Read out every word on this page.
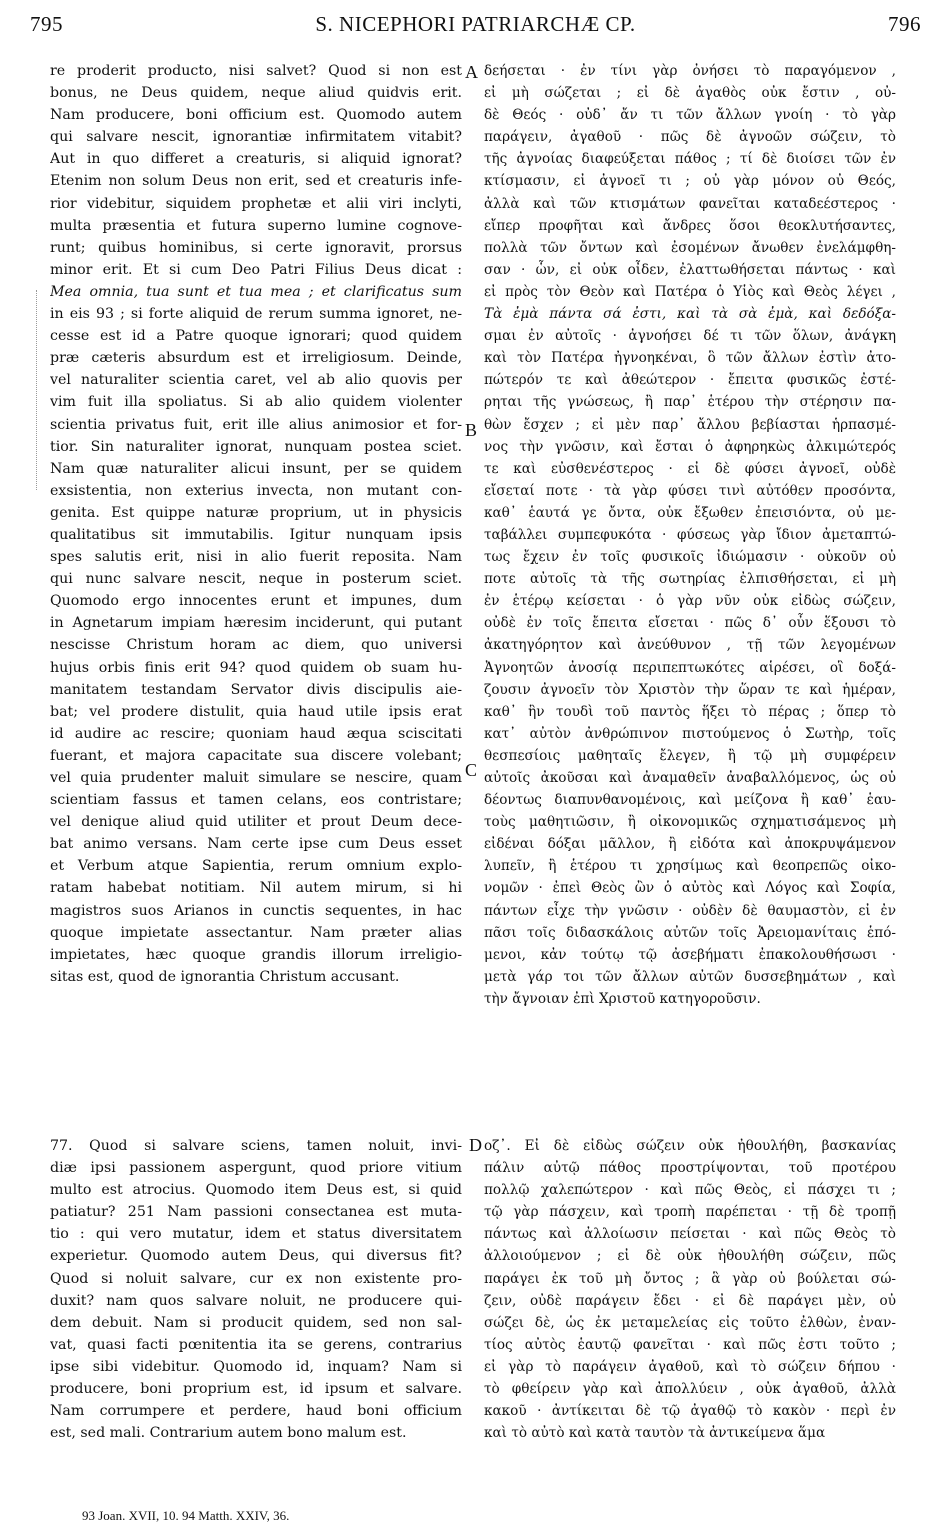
795	S. NICEPHORI PATRIARCHÆ CP.	796
re proderit producto, nisi salvet? Quod si non est
bonus, ne Deus quidem, neque aliud quidvis erit.
Nam producere, boni officium est. Quomodo autem
qui salvare nescit, ignorantiæ infirmitatem vitabit?
Aut in quo differet a creaturis, si aliquid ignorat?
Etenim non solum Deus non erit, sed et creaturis infe-
rior videbitur, siquidem prophetæ et alii viri inclyti,
multa præsentia et futura superno lumine cognove-
runt; quibus hominibus, si certe ignoravit, prorsus
minor erit. Et si cum Deo Patri Filius Deus dicat :
Mea omnia, tua sunt et tua mea ; et clarificatus sum
in eis 93 ; si forte aliquid de rerum summa ignoret, ne-
cesse est id a Patre quoque ignorari; quod quidem
præ cæteris absurdum est et irreligiosum. Deinde,
vel naturaliter scientia caret, vel ab alio quovis per
vim fuit illa spoliatus. Si ab alio quidem violenter
scientia privatus fuit, erit ille alius animosior et for-
tior. Sin naturaliter ignorat, nunquam postea sciet.
Nam quæ naturaliter alicui insunt, per se quidem
exsistentia, non exterius invecta, non mutant con-
genita. Est quippe naturæ proprium, ut in physicis
qualitatibus sit immutabilis. Igitur nunquam ipsis
spes salutis erit, nisi in alio fuerit reposita. Nam
qui nunc salvare nescit, neque in posterum sciet.
Quomodo ergo innocentes erunt et impunes, dum
in Agnetarum impiam hæresim inciderunt, qui putant
nescisse Christum horam ac diem, quo universi
hujus orbis finis erit 94? quod quidem ob suam hu-
manitatem testandam Servator divis discipulis aie-
bat; vel prodere distulit, quia haud utile ipsis erat
id audire ac rescire; quoniam haud æqua sciscitati
fuerant, et majora capacitate sua discere volebant;
vel quia prudenter maluit simulare se nescire, quam
scientiam fassus et tamen celans, eos contristare;
vel denique aliud quid utiliter et prout Deum dece-
bat animo versans. Nam certe ipse cum Deus esset
et Verbum atque Sapientia, rerum omnium explo-
ratam habebat notitiam. Nil autem mirum, si hi
magistros suos Arianos in cunctis sequentes, in hac
quoque impietate assectantur. Nam præter alias
impietates, hæc quoque grandis illorum irreligio-
sitas est, quod de ignorantia Christum accusant.
δεήσεται · ἐν τίνι γὰρ ὀνήσει τὸ παραγόμενον ,
εἰ μὴ σώζεται ; εἰ δὲ ἀγαθὸς οὐκ ἔστιν , οὐ-
δὲ Θεός · οὐδ᾽ ἄν τι τῶν ἄλλων γνοίη · τὸ γὰρ
παράγειν, ἀγαθοῦ · πῶς δὲ ἀγνοῶν σώζειν, τὸ
τῆς ἀγνοίας διαφεύξεται πάθος ; τί δὲ διοίσει τῶν ἐν
κτίσμασιν, εἰ ἀγνοεῖ τι ; οὐ γὰρ μόνον οὐ Θεός,
ἀλλὰ καὶ τῶν κτισμάτων φανεῖται καταδεέστερος ·
εἴπερ προφῆται καὶ ἄνδρες ὅσοι θεοκλυτήσαντες,
πολλὰ τῶν ὄντων καὶ ἐσομένων ἄνωθεν ἐνελάμφθη-
σαν · ὧν, εἰ οὐκ οἶδεν, ἐλαττωθήσεται πάντως · καὶ
εἰ πρὸς τὸν Θεὸν καὶ Πατέρα ὁ Υἱὸς καὶ Θεὸς λέγει ,
Τὰ ἐμὰ πάντα σά ἐστι, καὶ τὰ σὰ ἐμὰ, καὶ δεδόξα-
σμαι ἐν αὐτοῖς · ἀγνοήσει δέ τι τῶν ὅλων, ἀνάγκη
καὶ τὸν Πατέρα ἠγνοηκέναι, ὃ τῶν ἄλλων ἐστὶν ἀτο-
πώτερόν τε καὶ ἀθεώτερον · ἔπειτα φυσικῶς ἐστέ-
ρηται τῆς γνώσεως, ἢ παρ᾽ ἑτέρου τὴν στέρησιν πα-
θὼν ἔσχεν ; εἰ μὲν παρ᾽ ἄλλου βεβίασται ἡρπασμέ-
νος τὴν γνῶσιν, καὶ ἔσται ὁ ἀφηρηκὼς ἀλκιμώτερός
τε καὶ εὐσθενέστερος · εἰ δὲ φύσει ἀγνοεῖ, οὐδὲ
εἴσεταί ποτε · τὰ γὰρ φύσει τινὶ αὐτόθεν προσόντα,
καθ᾽ ἑαυτά γε ὄντα, οὐκ ἔξωθεν ἐπεισιόντα, οὐ με-
ταβάλλει συμπεφυκότα · φύσεως γὰρ ἴδιον ἀμεταπτώ-
τως ἔχειν ἐν τοῖς φυσικοῖς ἰδιώμασιν · οὐκοῦν οὐ
ποτε αὐτοῖς τὰ τῆς σωτηρίας ἐλπισθήσεται, εἰ μὴ
ἐν ἑτέρῳ κείσεται · ὁ γὰρ νῦν οὐκ εἰδὼς σώζειν,
οὐδὲ ἐν τοῖς ἔπειτα εἴσεται · πῶς δ᾽ οὖν ἕξουσι τὸ
ἀκατηγόρητον καὶ ἀνεύθυνον , τῇ τῶν λεγομένων
Ἀγνοητῶν ἀνοσίᾳ περιπεπτωκότες αἱρέσει, οἳ δοξά-
ζουσιν ἀγνοεῖν τὸν Χριστὸν τὴν ὥραν τε καὶ ἡμέραν,
καθ᾽ ἣν τουδὶ τοῦ παντὸς ἥξει τὸ πέρας ; ὅπερ τὸ
κατ᾽ αὐτὸν ἀνθρώπινον πιστούμενος ὁ Σωτὴρ, τοῖς
θεσπεσίοις μαθηταῖς ἔλεγεν, ἢ τῷ μὴ συμφέρειν
αὐτοῖς ἀκοῦσαι καὶ ἀναμαθεῖν ἀναβαλλόμενος, ὡς οὐ
δέοντως διαπυνθανομένοις, καὶ μείζονα ἢ καθ᾽ ἑαυ-
τοὺς μαθητιῶσιν, ἢ οἰκονομικῶς σχηματισάμενος μὴ
εἰδέναι δόξαι μᾶλλον, ἢ εἰδότα καὶ ἀποκρυψάμενον
λυπεῖν, ἢ ἑτέρου τι χρησίμως καὶ θεοπρεπῶς οἰκο-
νομῶν · ἐπεὶ Θεὸς ὢν ὁ αὐτὸς καὶ Λόγος καὶ Σοφία,
πάντων εἶχε τὴν γνῶσιν · οὐδὲν δὲ θαυμαστὸν, εἰ ἐν
πᾶσι τοῖς διδασκάλοις αὐτῶν τοῖς Ἀρειομανίταις ἑπό-
μενοι, κἀν τούτῳ τῷ ἀσεβήματι ἐπακολουθήσωσι ·
μετὰ γάρ τοι τῶν ἄλλων αὐτῶν δυσσεβημάτων , καὶ
τὴν ἄγνοιαν ἐπὶ Χριστοῦ κατηγοροῦσιν.
77. Quod si salvare sciens, tamen noluit, invi-
diæ ipsi passionem aspergunt, quod priore vitium
multo est atrocius. Quomodo item Deus est, si quid
patiatur? 251 Nam passioni consectanea est muta-
tio : qui vero mutatur, idem et status diversitatem
experietur. Quomodo autem Deus, qui diversus fit?
Quod si noluit salvare, cur ex non existente pro-
duxit? nam quos salvare noluit, ne producere qui-
dem debuit. Nam si producit quidem, sed non sal-
vat, quasi facti pœnitentia ita se gerens, contrarius
ipse sibi videbitur. Quomodo id, inquam? Nam si
producere, boni proprium est, id ipsum et salvare.
Nam corrumpere et perdere, haud boni officium
est, sed mali. Contrarium autem bono malum est.
οζ᾽. Εἰ δὲ εἰδὼς σώζειν οὐκ ἠθουλήθη, βασκανίας
πάλιν αὐτῷ πάθος προστρίψονται, τοῦ προτέρου
πολλῷ χαλεπώτερον · καὶ πῶς Θεὸς, εἰ πάσχει τι ;
τῷ γὰρ πάσχειν, καὶ τροπὴ παρέπεται · τῇ δὲ τροπῇ
πάντως καὶ ἀλλοίωσιν πείσεται · καὶ πῶς Θεὸς τὸ
ἀλλοιούμενον ; εἰ δὲ οὐκ ἠθουλήθη σώζειν, πῶς
παράγει ἐκ τοῦ μὴ ὄντος ; ἃ γὰρ οὐ βούλεται σώ-
ζειν, οὐδὲ παράγειν ἔδει · εἰ δὲ παράγει μὲν, οὐ
σώζει δὲ, ὡς ἐκ μεταμελείας εἰς τοῦτο ἐλθὼν, ἐναν-
τίος αὐτὸς ἑαυτῷ φανεῖται · καὶ πῶς ἐστι τοῦτο ;
εἰ γὰρ τὸ παράγειν ἀγαθοῦ, καὶ τὸ σώζειν δήπου ·
τὸ φθείρειν γὰρ καὶ ἀπολλύειν , οὐκ ἀγαθοῦ, ἀλλὰ
κακοῦ · ἀντίκειται δὲ τῷ ἀγαθῷ τὸ κακὸν · περὶ ἐν
καὶ τὸ αὐτὸ καὶ κατὰ ταυτὸν τὰ ἀντικείμενα ἅμα
A
B
C
D
93 Joan. XVII, 10. 94 Matth. XXIV, 36.
